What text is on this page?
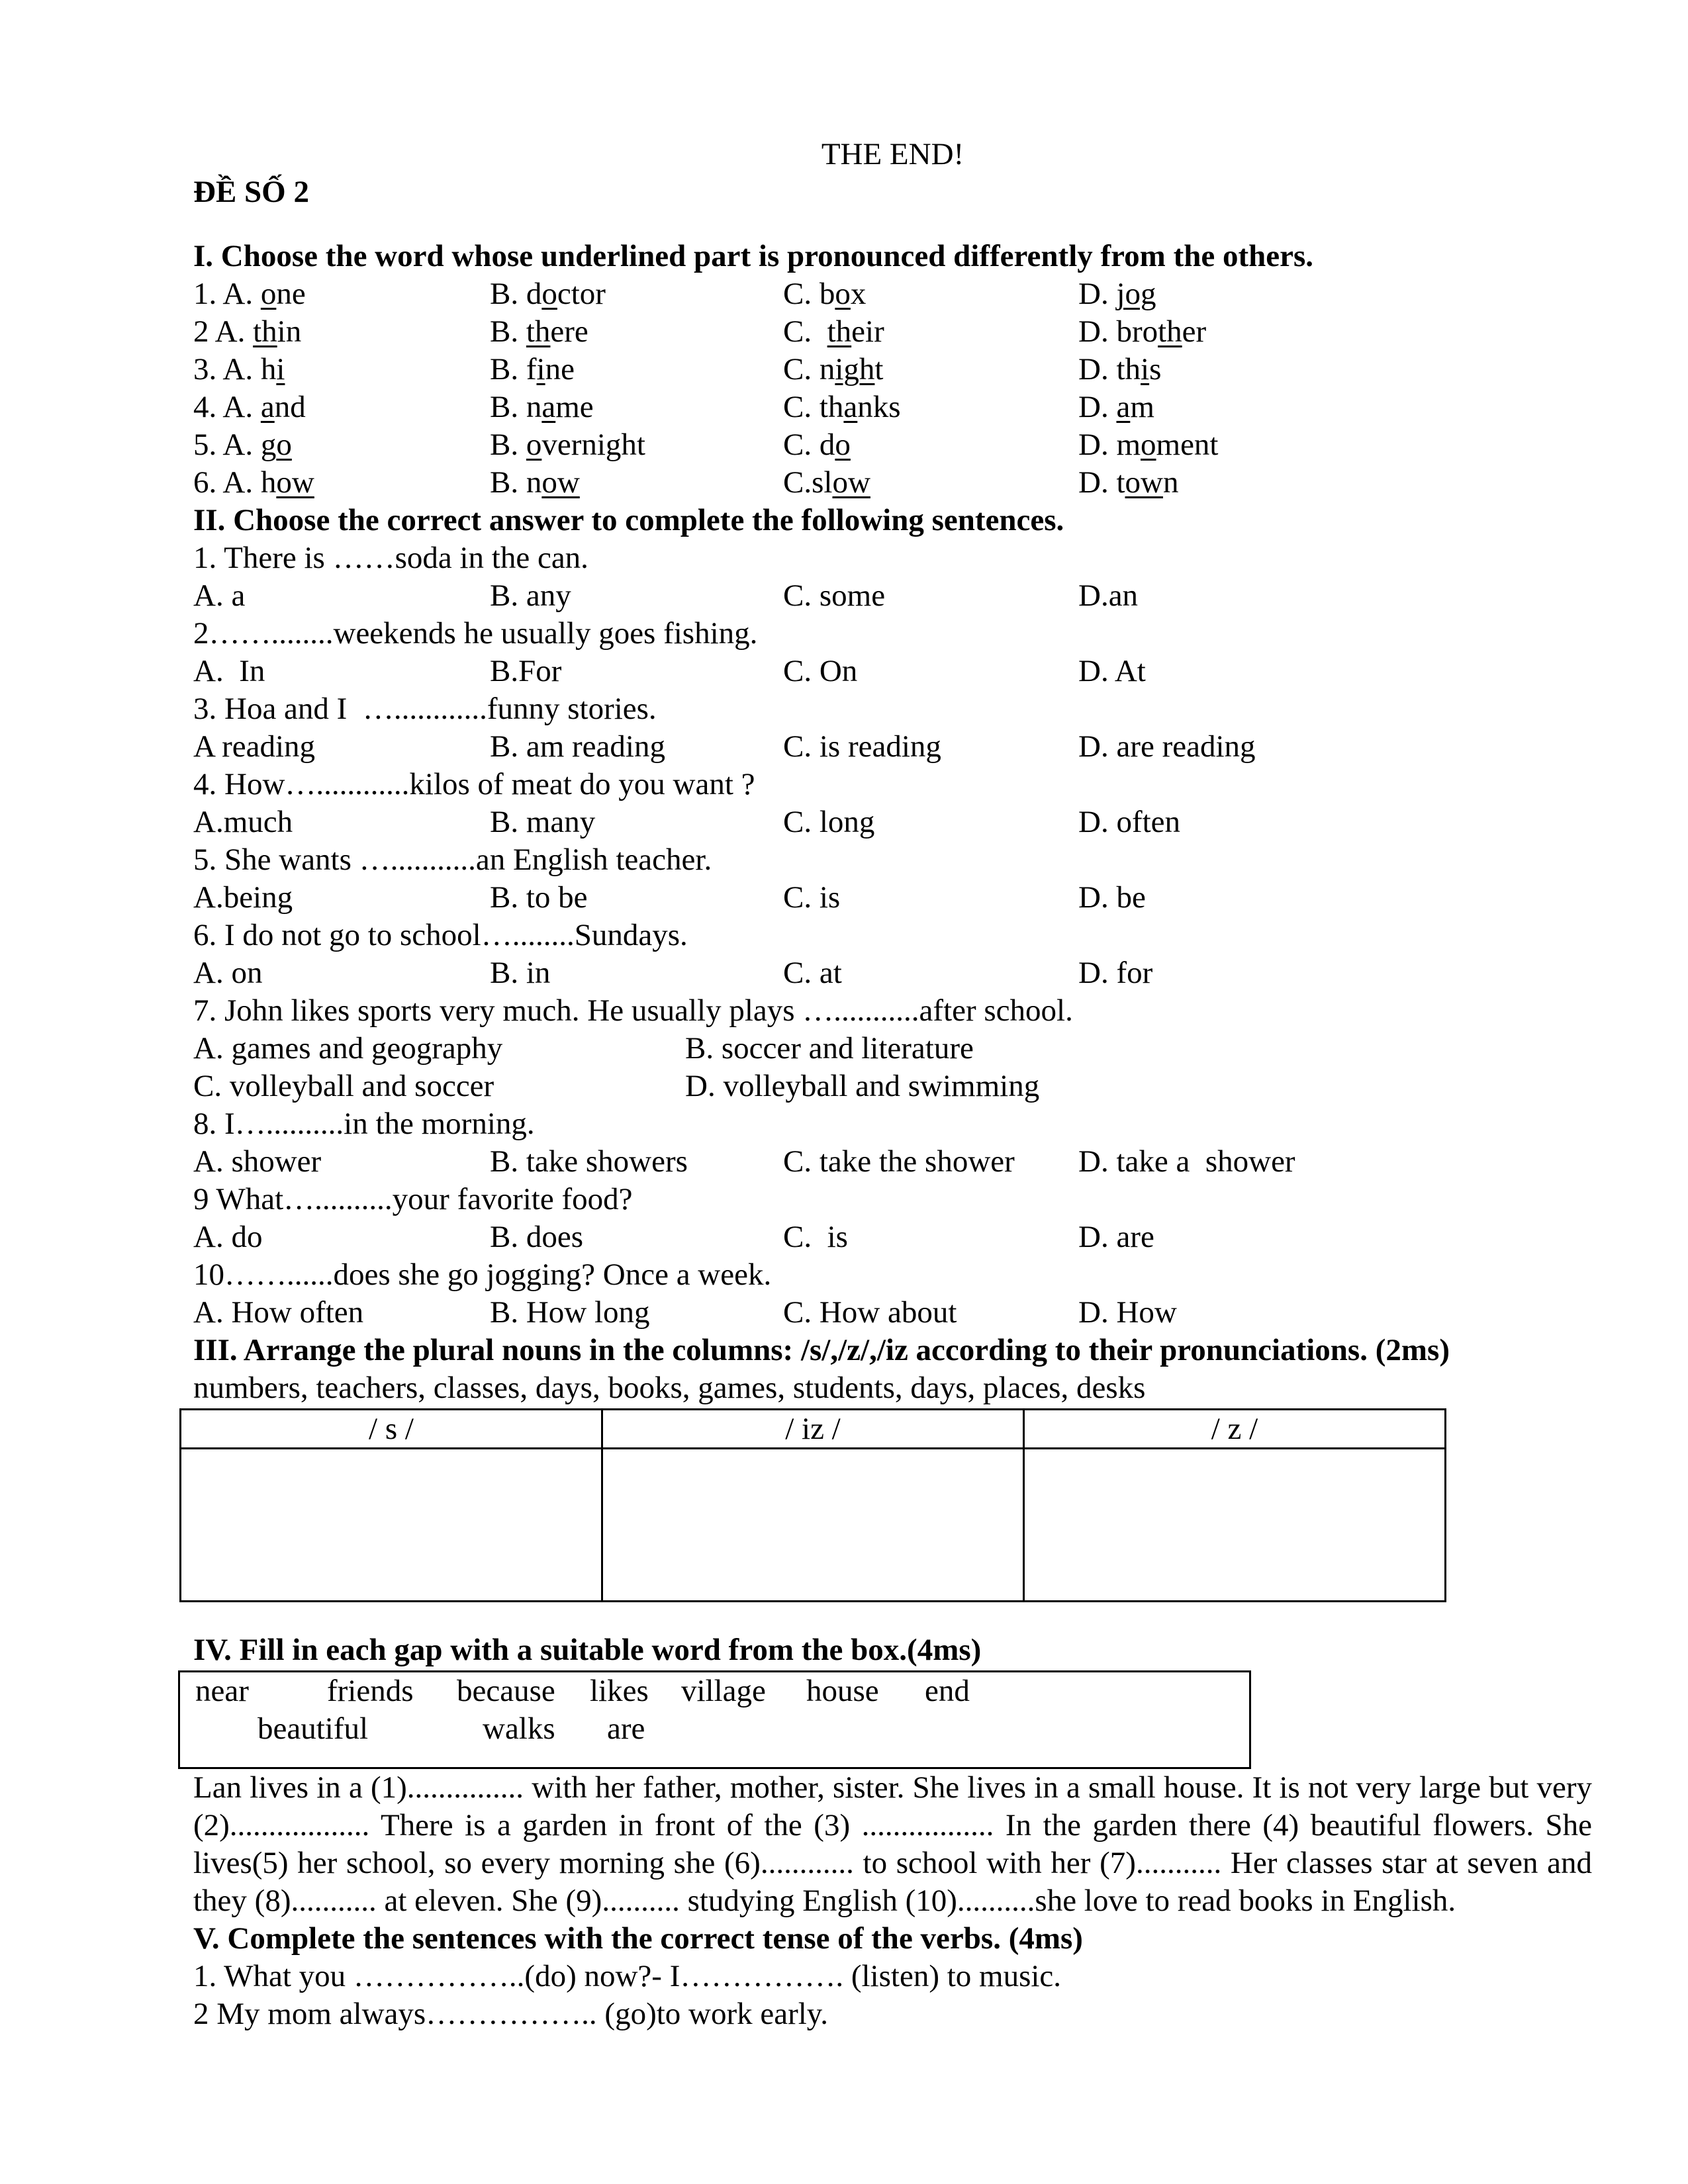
THE END!
ĐỀ SỐ 2
I. Choose the word whose underlined part is pronounced differently from the others.
1. A. one	B. doctor	C. box	D. jog
2 A. thin	B. there	C.  their	D. brother
3. A. hi	B. fine	C. night	D. this
4. A. and	B. name	C. thanks	D. am
5. A. go	B. overnight	C. do	D. moment
6. A. how	B. now	C.slow	D. town
II. Choose the correct answer to complete the following sentences.
1. There is ……soda in the can.
A. a	B. any	C. some	D.an
2……........weekends he usually goes fishing.
A.  In	B.For	C. On	D. At
3. Hoa and I  …............funny stories.
A reading	B. am reading	C. is reading	D. are reading
4. How…............kilos of meat do you want ?
A.much	B. many	C. long	D. often
5. She wants …...........an English teacher.
A.being	B. to be	C. is	D. be
6. I do not go to school…........Sundays.
A. on	B. in	C. at	D. for
7. John likes sports very much. He usually plays …...........after school.
A. games and geography	B. soccer and literature
C. volleyball and soccer	D. volleyball and swimming
8. I…..........in the morning.
A. shower	B. take showers	C. take the shower D. take a  shower
9 What…..........your favorite food?
A. do	B. does	C.  is	D. are
10……......does she go jogging? Once a week.
A. How often	B. How long	C. How about	D. How
III. Arrange the plural nouns in the columns: /s/,/z/,/iz according to their pronunciations. (2ms)
numbers, teachers, classes, days, books, games, students, days, places, desks
/ s /	/ iz /	/ z /

IV. Fill in each gap with a suitable word from the box.(4ms)
near	friends because likes village house end
beautiful	walks are
Lan lives in a (1)............... with her father, mother, sister. She lives in a small house. It is not very large but very (2).................. There is a garden in front of the (3) ................. In the garden there (4) beautiful flowers. She lives(5) her school, so every morning she (6)............ to school with her (7)........... Her classes star at seven and they (8)........... at eleven. She (9).......... studying English (10)..........she love to read books in English.
V. Complete the sentences with the correct tense of the verbs. (4ms)
1. What you ……………..(do) now?- I……………. (listen) to music.
2 My mom always…………….. (go)to work early.
